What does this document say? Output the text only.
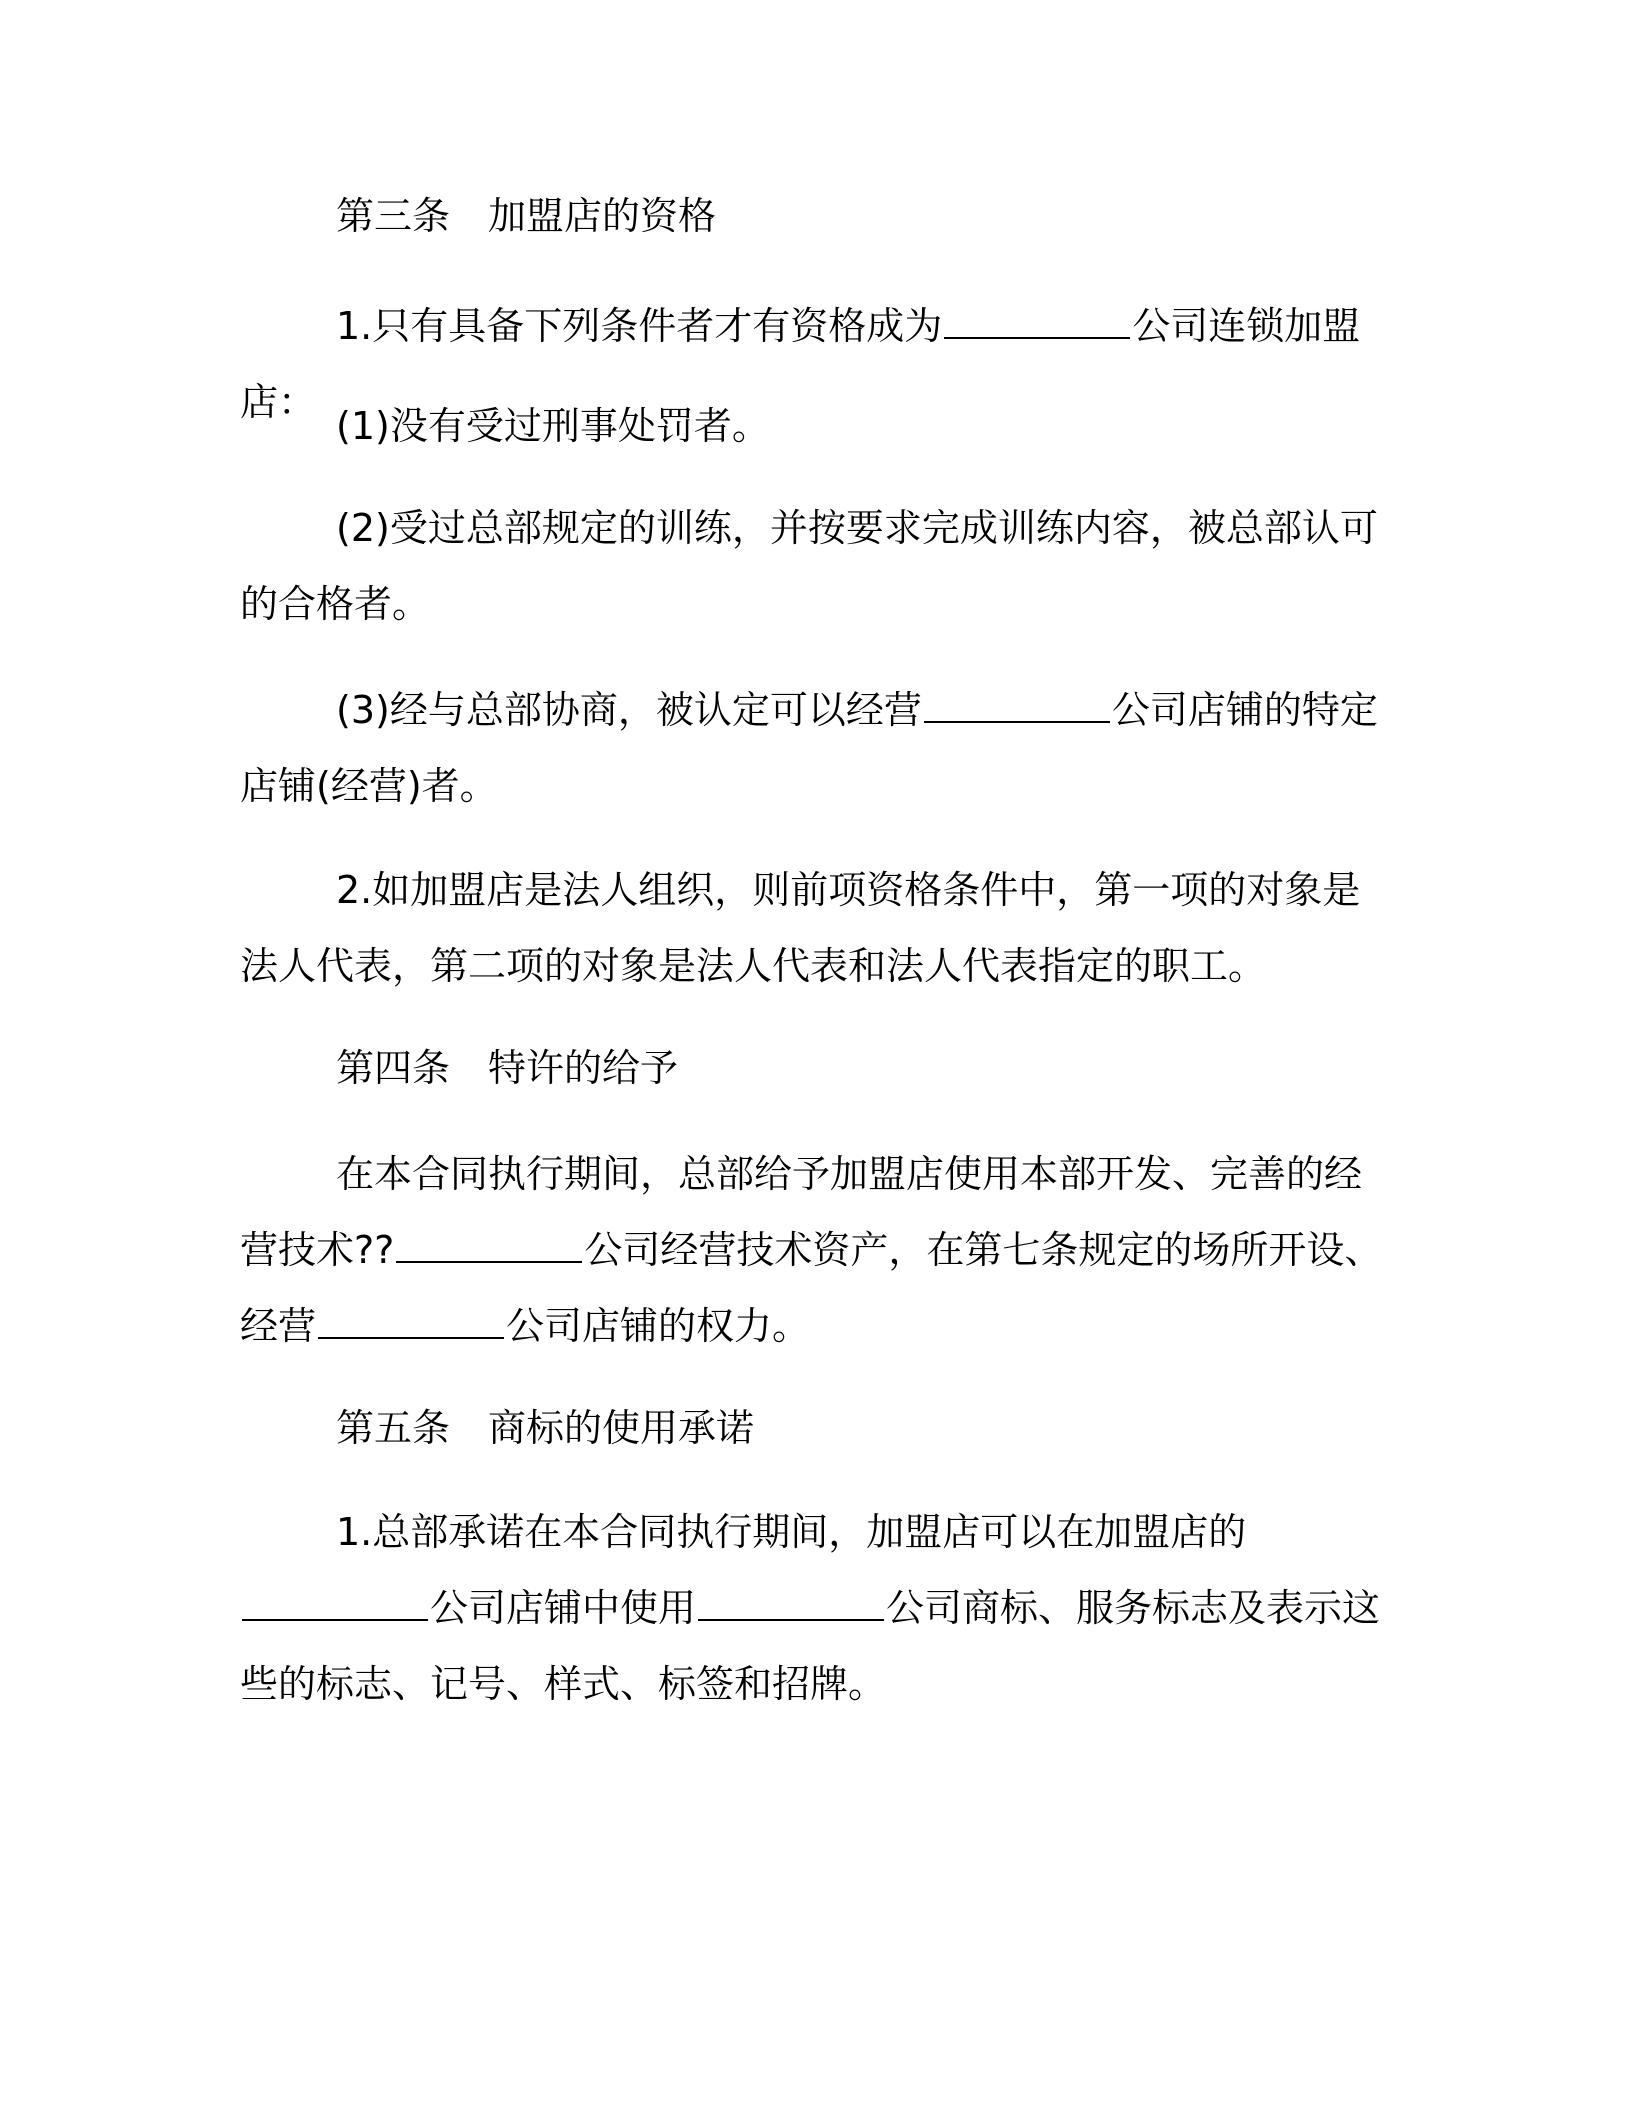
第三条 加盟店的资格

1.只有具备下列条件者才有资格成为	公司连锁加盟店：

(1)没有受过刑事处罚者。

(2)受过总部规定的训练，并按要求完成训练内容，被总部认可的合格者。

(3)经与总部协商，被认定可以经营	公司店铺的特定店铺(经营)者。

2.如加盟店是法人组织，则前项资格条件中，第一项的对象是法人代表，第二项的对象是法人代表和法人代表指定的职工。

第四条 特许的给予

在本合同执行期间，总部给予加盟店使用本部开发、完善的经营技术??	公司经营技术资产，在第七条规定的场所开设、经营	公司店铺的权力。

第五条 商标的使用承诺

1.总部承诺在本合同执行期间，加盟店可以在加盟店的公司店铺中使用	公司商标、服务标志及表示这些的标志、记号、样式、标签和招牌。
